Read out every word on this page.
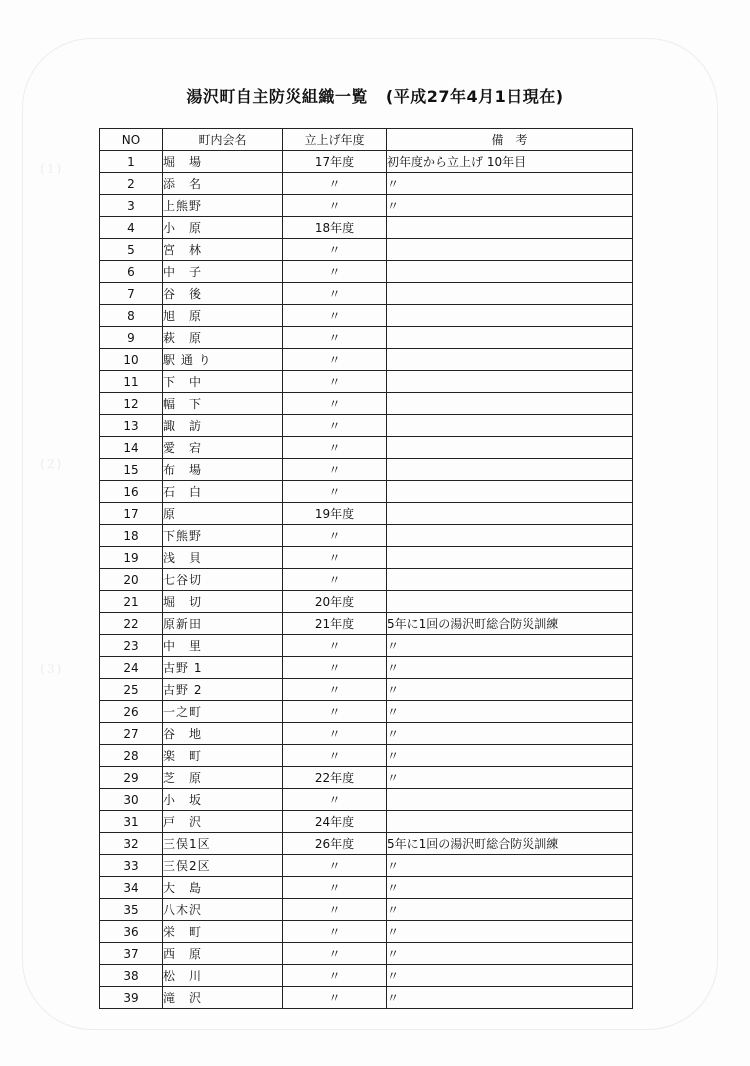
(１)
(２)
(３)
湯沢町自主防災組織一覧 (平成27年4月1日現在)
NO	町内会名	立上げ年度	備　考
1	堀　場	17年度	初年度から立上げ 10年目
2	添　名	〃	〃
3	上熊野	〃	〃
4	小　原	18年度	
5	宮　林	〃	
6	中　子	〃	
7	谷　後	〃	
8	旭　原	〃	
9	萩　原	〃	
10	駅 通 り	〃	
11	下　中	〃	
12	幅　下	〃	
13	諏　訪	〃	
14	愛　宕	〃	
15	布　場	〃	
16	石　白	〃	
17	原	19年度	
18	下熊野	〃	
19	浅　貝	〃	
20	七谷切	〃	
21	堀　切	20年度	
22	原新田	21年度	5年に1回の湯沢町総合防災訓練
23	中　里	〃	〃
24	古野 1	〃	〃
25	古野 2	〃	〃
26	一之町	〃	〃
27	谷　地	〃	〃
28	楽　町	〃	〃
29	芝　原	22年度	〃
30	小　坂	〃	
31	戸　沢	24年度	
32	三俣1区	26年度	5年に1回の湯沢町総合防災訓練
33	三俣2区	〃	〃
34	大　島	〃	〃
35	八木沢	〃	〃
36	栄　町	〃	〃
37	西　原	〃	〃
38	松　川	〃	〃
39	滝　沢	〃	〃
